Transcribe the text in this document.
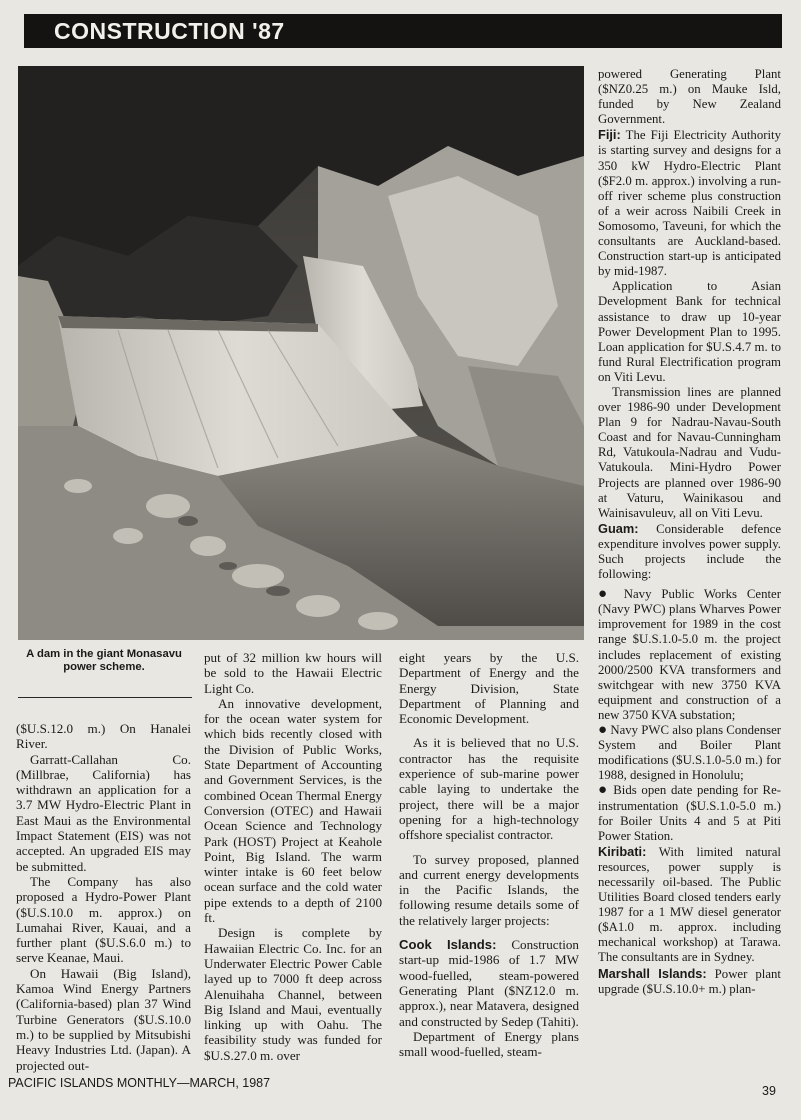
CONSTRUCTION '87
A dam in the giant Monasavu power scheme.

($U.S.12.0 m.) On Hanalei River.

Garratt-Callahan Co. (Millbrae, California) has withdrawn an application for a 3.7 MW Hydro-Electric Plant in East Maui as the Environmental Impact Statement (EIS) was not accepted. An upgraded EIS may be submitted.

The Company has also proposed a Hydro-Power Plant ($U.S.10.0 m. approx.) on Lumahai River, Kauai, and a further plant ($U.S.6.0 m.) to serve Keanae, Maui.

On Hawaii (Big Island), Kamoa Wind Energy Partners (California-based) plan 37 Wind Turbine Generators ($U.S.10.0 m.) to be supplied by Mitsubishi Heavy Industries Ltd. (Japan). A projected out-

put of 32 million kw hours will be sold to the Hawaii Electric Light Co.

An innovative development, for the ocean water system for which bids recently closed with the Division of Public Works, State Department of Accounting and Government Services, is the combined Ocean Thermal Energy Conversion (OTEC) and Hawaii Ocean Science and Technology Park (HOST) Project at Keahole Point, Big Island. The warm winter intake is 60 feet below ocean surface and the cold water pipe extends to a depth of 2100 ft.

Design is complete by Hawaiian Electric Co. Inc. for an Underwater Electric Power Cable layed up to 7000 ft deep across Alenuihaha Channel, between Big Island and Maui, eventually linking up with Oahu. The feasibility study was funded for $U.S.27.0 m. over

eight years by the U.S. Department of Energy and the Energy Division, State Department of Planning and Economic Development.

As it is believed that no U.S. contractor has the requisite experience of sub-marine power cable laying to undertake the project, there will be a major opening for a high-technology offshore specialist contractor.

To survey proposed, planned and current energy developments in the Pacific Islands, the following resume details some of the relatively larger projects:

Cook Islands: Construction start-up mid-1986 of 1.7 MW wood-fuelled, steam-powered Generating Plant ($NZ12.0 m. approx.), near Matavera, designed and constructed by Sedep (Tahiti).

Department of Energy plans small wood-fuelled, steam-

powered Generating Plant ($NZ0.25 m.) on Mauke Isld, funded by New Zealand Government.

Fiji: The Fiji Electricity Authority is starting survey and designs for a 350 kW Hydro-Electric Plant ($F2.0 m. approx.) involving a run-off river scheme plus construction of a weir across Naibili Creek in Somosomo, Taveuni, for which the consultants are Auckland-based. Construction start-up is anticipated by mid-1987.

Application to Asian Development Bank for technical assistance to draw up 10-year Power Development Plan to 1995. Loan application for $U.S.4.7 m. to fund Rural Electrification program on Viti Levu.

Transmission lines are planned over 1986-90 under Development Plan 9 for Nadrau-Navau-South Coast and for Navau-Cunningham Rd, Vatukoula-Nadrau and Vudu-Vatukoula. Mini-Hydro Power Projects are planned over 1986-90 at Vaturu, Wainikasou and Wainisavuleuv, all on Viti Levu.

Guam: Considerable defence expenditure involves power supply. Such projects include the following:

● Navy Public Works Center (Navy PWC) plans Wharves Power improvement for 1989 in the cost range $U.S.1.0-5.0 m. the project includes replacement of existing 2000/2500 KVA transformers and switchgear with new 3750 KVA equipment and construction of a new 3750 KVA substation;

● Navy PWC also plans Condenser System and Boiler Plant modifications ($U.S.1.0-5.0 m.) for 1988, designed in Honolulu;

● Bids open date pending for Re-instrumentation ($U.S.1.0-5.0 m.) for Boiler Units 4 and 5 at Piti Power Station.

Kiribati: With limited natural resources, power supply is necessarily oil-based. The Public Utilities Board closed tenders early 1987 for a 1 MW diesel generator ($A1.0 m. approx. including mechanical workshop) at Tarawa. The consultants are in Sydney.

Marshall Islands: Power plant upgrade ($U.S.10.0+ m.) plan-

PACIFIC ISLANDS MONTHLY—MARCH, 1987
39
